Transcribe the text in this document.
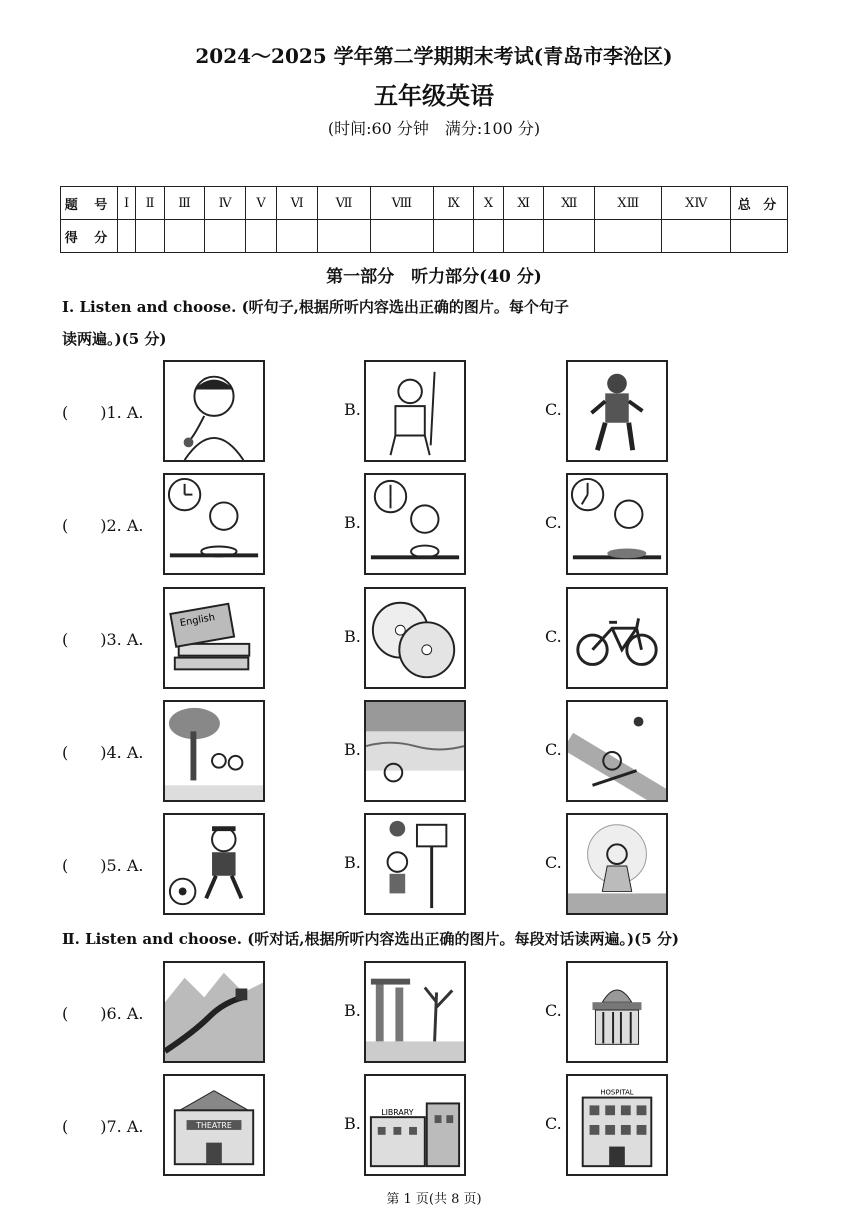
2024～2025 学年第二学期期末考试(青岛市李沧区)
五年级英语
(时间:60 分钟　满分:100 分)
题 号	Ⅰ	Ⅱ	Ⅲ	Ⅳ	Ⅴ	Ⅵ	Ⅶ	Ⅷ	Ⅸ	Ⅹ	Ⅺ	Ⅻ	ⅩⅢ	ⅩⅣ	总 分
得 分															
第一部分　听力部分(40 分)
Ⅰ. Listen and choose. (听句子,根据所听内容选出正确的图片。每个句子
读两遍。)(5 分)
(　　)1. A.	B.	C.
(　　)2. A.	B.	C.
(　　)3. A.
English
B.	C.
(　　)4. A.	B.	C.
(　　)5. A.	B.	C.
Ⅱ. Listen and choose. (听对话,根据所听内容选出正确的图片。每段对话读两遍。)(5 分)
(　　)6. A.	B.	C.
(　　)7. A.	THEATRE	B.
LIBRARY
C.
HOSPITAL
第 1 页(共 8 页)
